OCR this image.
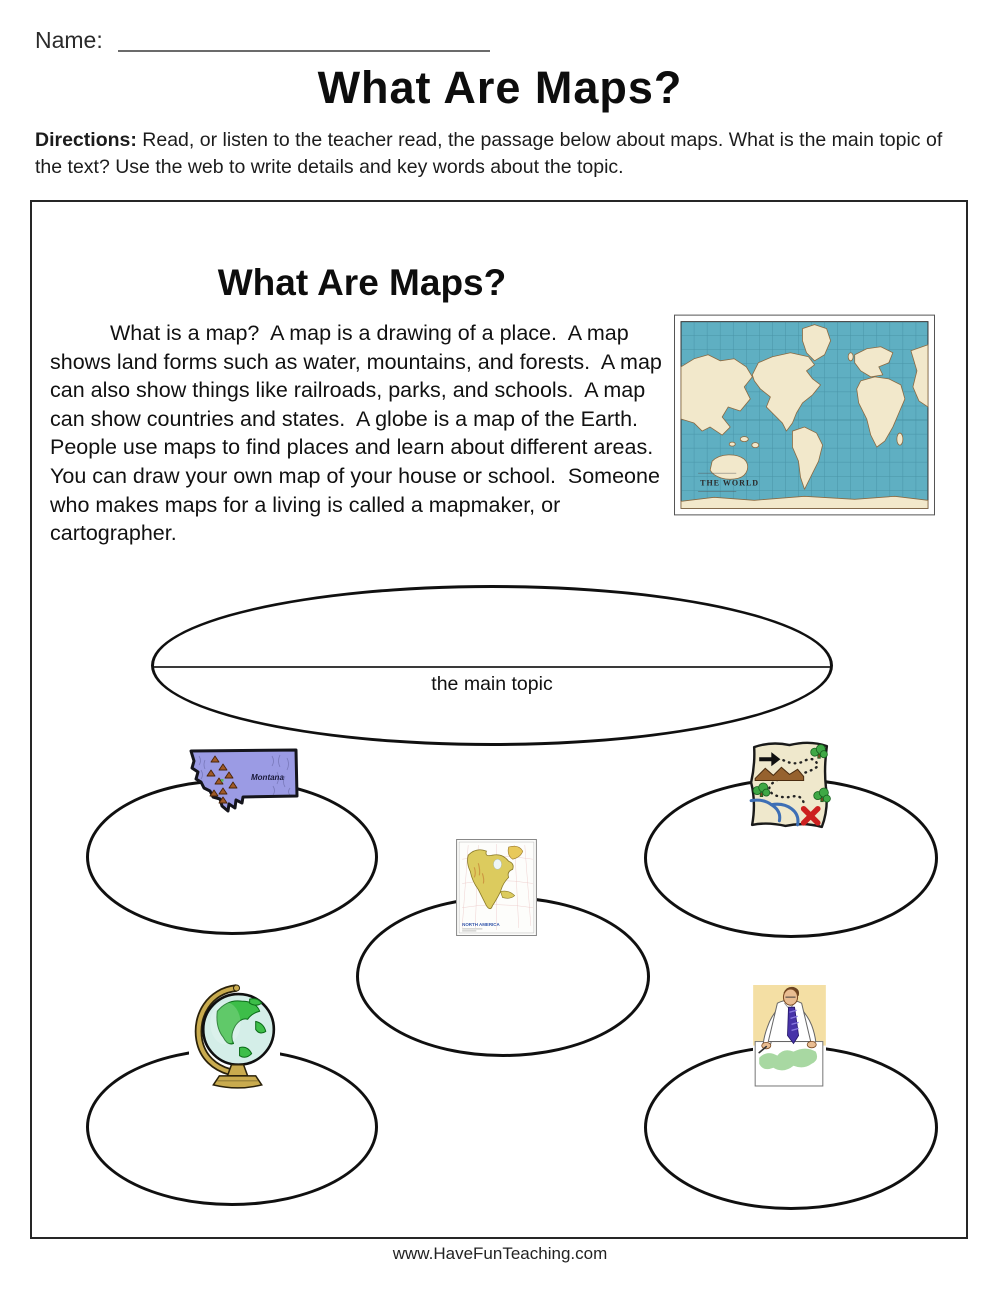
Name:
What Are Maps?
Directions: Read, or listen to the teacher read, the passage below about maps. What is the main topic of the text? Use the web to write details and key words about the topic.
What Are Maps?
What is a map?  A map is a drawing of a place.  A map shows land forms such as water, mountains, and forests.  A map can also show things like railroads, parks, and schools.  A map can show countries and states.  A globe is a map of the Earth.   People use maps to find places and learn about different areas.  You can draw your own map of your house or school.  Someone who makes maps for a living is called a mapmaker, or cartographer.
THE WORLD
the main topic
Montana
NORTH AMERICA
www.HaveFunTeaching.com
